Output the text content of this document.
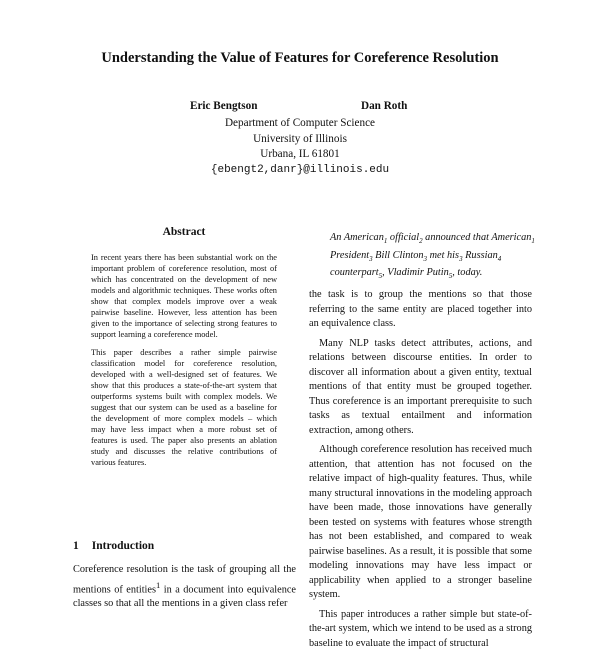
Understanding the Value of Features for Coreference Resolution
Eric Bengtson	Dan Roth
Department of Computer Science
University of Illinois
Urbana, IL 61801
{ebengt2,danr}@illinois.edu
Abstract

In recent years there has been substantial work on the important problem of coreference resolution, most of which has concentrated on the development of new models and algorithmic techniques. These works often show that complex models improve over a weak pairwise baseline. However, less attention has been given to the importance of selecting strong features to support learning a coreference model.

This paper describes a rather simple pairwise classification model for coreference resolution, developed with a well-designed set of features. We show that this produces a state-of-the-art system that outperforms systems built with complex models. We suggest that our system can be used as a baseline for the development of more complex models – which may have less impact when a more robust set of features is used. The paper also presents an ablation study and discusses the relative contributions of various features.

1 Introduction

Coreference resolution is the task of grouping all the mentions of entities$^1$ in a document into equivalence classes so that all the mentions in a given class refer

An American$_1$ official$_2$ announced that American$_1$ President$_3$ Bill Clinton$_3$ met his$_3$ Russian$_4$ counterpart$_5$, Vladimir Putin$_5$, today.

the task is to group the mentions so that those referring to the same entity are placed together into an equivalence class.

Many NLP tasks detect attributes, actions, and relations between discourse entities. In order to discover all information about a given entity, textual mentions of that entity must be grouped together. Thus coreference is an important prerequisite to such tasks as textual entailment and information extraction, among others.

Although coreference resolution has received much attention, that attention has not focused on the relative impact of high-quality features. Thus, while many structural innovations in the modeling approach have been made, those innovations have generally been tested on systems with features whose strength has not been established, and compared to weak pairwise baselines. As a result, it is possible that some modeling innovations may have less impact or applicability when applied to a stronger baseline system.

This paper introduces a rather simple but state-of-the-art system, which we intend to be used as a strong baseline to evaluate the impact of structural
